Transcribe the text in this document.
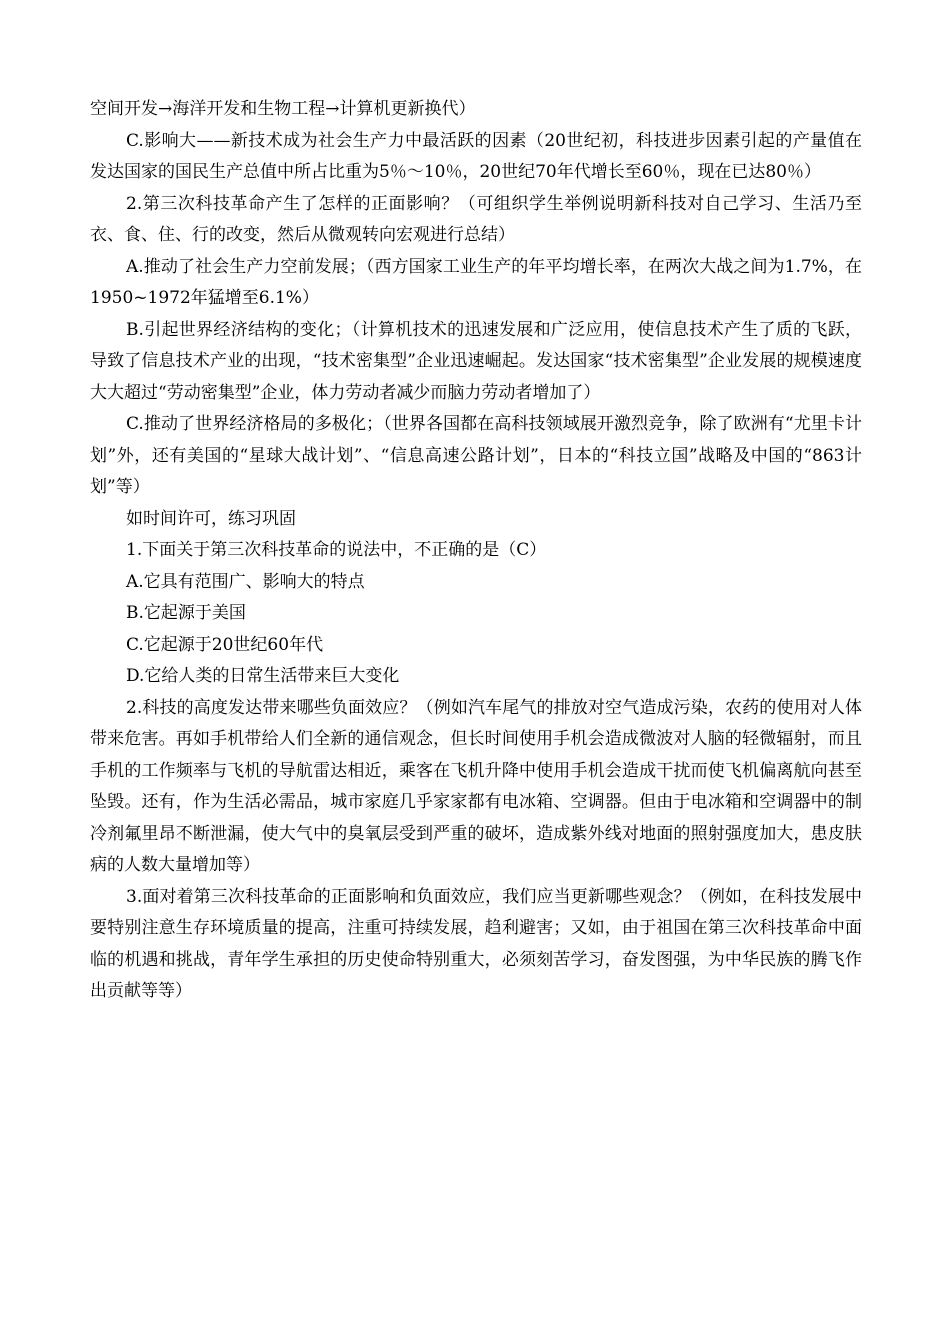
空间开发→海洋开发和生物工程→计算机更新换代）

C.影响大——新技术成为社会生产力中最活跃的因素（20世纪初，科技进步因素引起的产量值在发达国家的国民生产总值中所占比重为5％～10％，20世纪70年代增长至60％，现在已达80％）

2.第三次科技革命产生了怎样的正面影响？（可组织学生举例说明新科技对自己学习、生活乃至衣、食、住、行的改变，然后从微观转向宏观进行总结）

A.推动了社会生产力空前发展；（西方国家工业生产的年平均增长率，在两次大战之间为1.7%，在1950~1972年猛增至6.1%）

B.引起世界经济结构的变化；（计算机技术的迅速发展和广泛应用，使信息技术产生了质的飞跃，导致了信息技术产业的出现，“技术密集型”企业迅速崛起。发达国家“技术密集型”企业发展的规模速度大大超过“劳动密集型”企业，体力劳动者减少而脑力劳动者增加了）

C.推动了世界经济格局的多极化；（世界各国都在高科技领域展开激烈竞争，除了欧洲有“尤里卡计划”外，还有美国的“星球大战计划”、“信息高速公路计划”，日本的“科技立国”战略及中国的“863计划”等）

如时间许可，练习巩固

1.下面关于第三次科技革命的说法中，不正确的是（C）

A.它具有范围广、影响大的特点

B.它起源于美国

C.它起源于20世纪60年代

D.它给人类的日常生活带来巨大变化

2.科技的高度发达带来哪些负面效应？（例如汽车尾气的排放对空气造成污染，农药的使用对人体带来危害。再如手机带给人们全新的通信观念，但长时间使用手机会造成微波对人脑的轻微辐射，而且手机的工作频率与飞机的导航雷达相近，乘客在飞机升降中使用手机会造成干扰而使飞机偏离航向甚至坠毁。还有，作为生活必需品，城市家庭几乎家家都有电冰箱、空调器。但由于电冰箱和空调器中的制冷剂氟里昂不断泄漏，使大气中的臭氧层受到严重的破坏，造成紫外线对地面的照射强度加大，患皮肤病的人数大量增加等）

3.面对着第三次科技革命的正面影响和负面效应，我们应当更新哪些观念？（例如，在科技发展中要特别注意生存环境质量的提高，注重可持续发展，趋利避害；又如，由于祖国在第三次科技革命中面临的机遇和挑战，青年学生承担的历史使命特别重大，必须刻苦学习，奋发图强，为中华民族的腾飞作出贡献等等）
